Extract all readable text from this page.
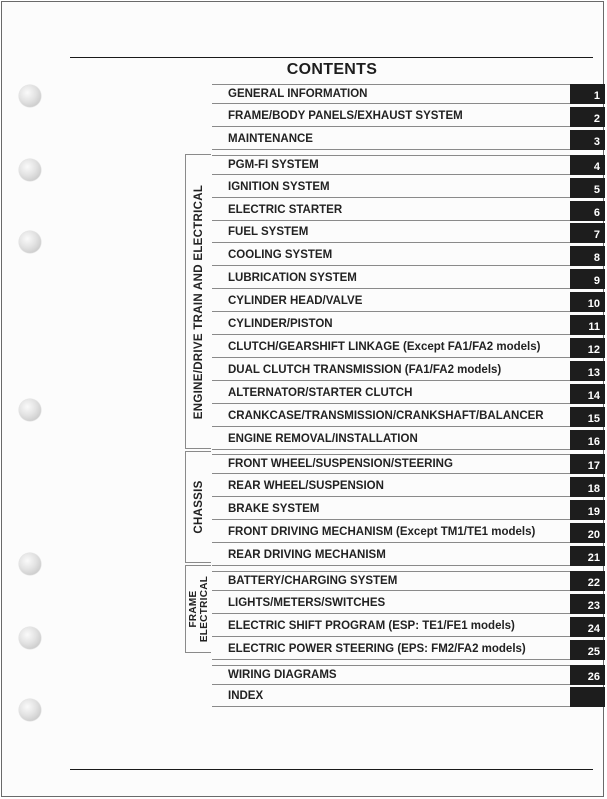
CONTENTS
ENGINE/DRIVE TRAIN AND ELECTRICAL
CHASSIS
FRAME ELECTRICAL
GENERAL INFORMATION	1
FRAME/BODY PANELS/EXHAUST SYSTEM	2
MAINTENANCE	3
PGM-FI SYSTEM	4
IGNITION SYSTEM	5
ELECTRIC STARTER	6
FUEL SYSTEM	7
COOLING SYSTEM	8
LUBRICATION SYSTEM	9
CYLINDER HEAD/VALVE	10
CYLINDER/PISTON	11
CLUTCH/GEARSHIFT LINKAGE (Except FA1/FA2 models)	12
DUAL CLUTCH TRANSMISSION (FA1/FA2 models)	13
ALTERNATOR/STARTER CLUTCH	14
CRANKCASE/TRANSMISSION/CRANKSHAFT/BALANCER	15
ENGINE REMOVAL/INSTALLATION	16
FRONT WHEEL/SUSPENSION/STEERING	17
REAR WHEEL/SUSPENSION	18
BRAKE SYSTEM	19
FRONT DRIVING MECHANISM (Except TM1/TE1 models)	20
REAR DRIVING MECHANISM	21
BATTERY/CHARGING SYSTEM	22
LIGHTS/METERS/SWITCHES	23
ELECTRIC SHIFT PROGRAM (ESP: TE1/FE1 models)	24
ELECTRIC POWER STEERING (EPS: FM2/FA2 models)	25
WIRING DIAGRAMS	26
INDEX
